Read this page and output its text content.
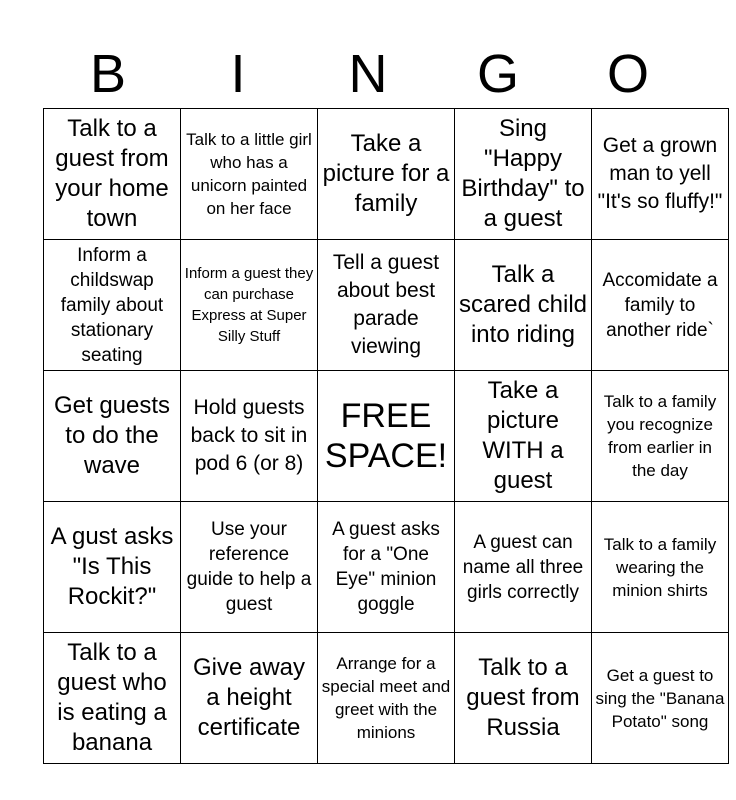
B	I	N	G	O
Talk to a guest from your home town	Talk to a little girl who has a unicorn painted on her face	Take a picture for a family	Sing "Happy Birthday" to a guest	Get a grown man to yell "It's so fluffy!"

Inform a childswap family about stationary seating	Inform a guest they can purchase Express at Super Silly Stuff	Tell a guest about best parade viewing	Talk a scared child into riding	Accomidate a family to another ride`

Get guests to do the wave	Hold guests back to sit in pod 6 (or 8)	FREE SPACE!	Take a picture WITH a guest	Talk to a family you recognize from earlier in the day

A gust asks "Is This Rockit?"	Use your reference guide to help a guest	A guest asks for a "One Eye" minion goggle	A guest can name all three girls correctly	Talk to a family wearing the minion shirts

Talk to a guest who is eating a banana	Give away a height certificate	Arrange for a special meet and greet with the minions	Talk to a guest from Russia	Get a guest to sing the "Banana Potato" song
